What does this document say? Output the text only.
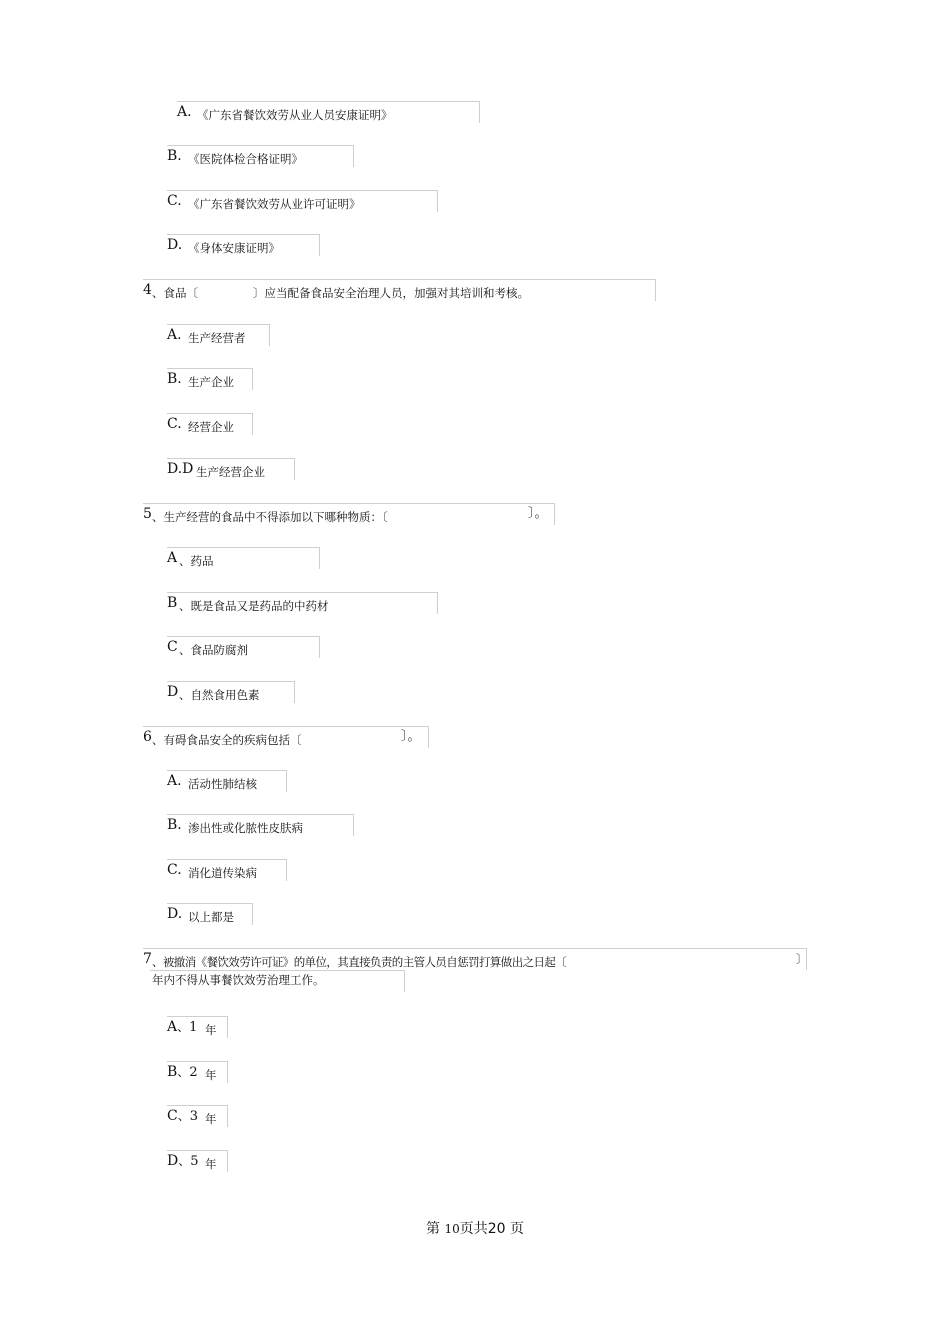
A. 《广东省餐饮效劳从业人员安康证明》
B. 《医院体检合格证明》
C. 《广东省餐饮效劳从业许可证明》
D. 《身体安康证明》
4 、食品〔	〕应当配备食品安全治理人员，加强对其培训和考核。
A. 生产经营者
B. 生产企业
C. 经营企业
D.D 生产经营企业
5 、生产经营的食品中不得添加以下哪种物质：〔	〕。
A 、药品
B 、既是食品又是药品的中药材
C 、食品防腐剂
D 、自然食用色素
6 、有碍食品安全的疾病包括〔	〕。
A. 活动性肺结核
B. 渗出性或化脓性皮肤病
C. 消化道传染病
D. 以上都是
7 、被撤消《餐饮效劳许可证》的单位，其直接负责的主管人员自惩罚打算做出之日起〔	〕
年内不得从事餐饮效劳治理工作。
A、1 年
B、2 年
C、3 年
D、5 年
第 10页共20 页
